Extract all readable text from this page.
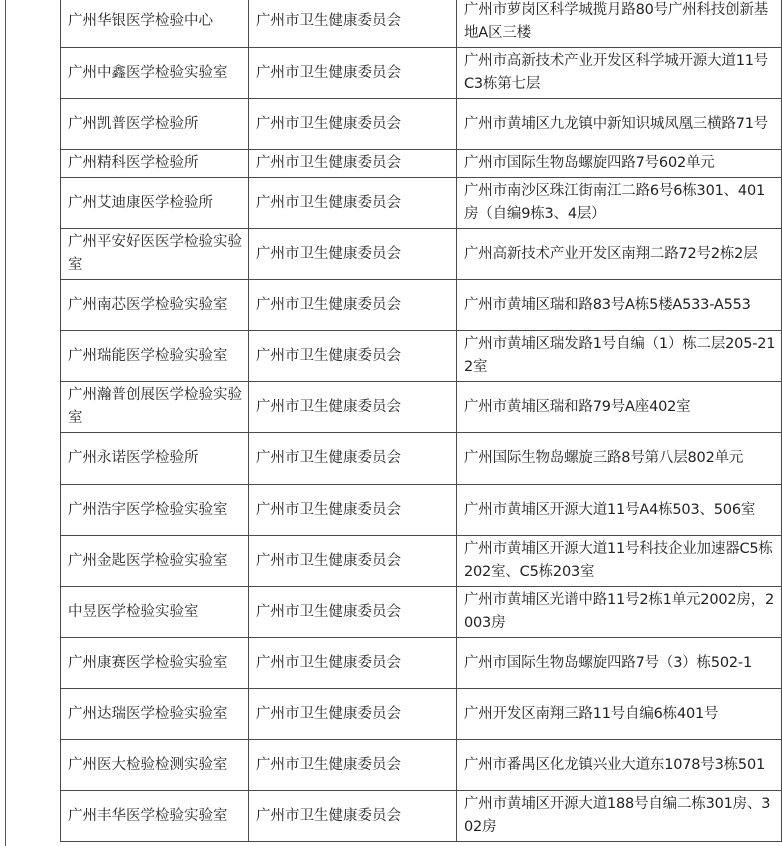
广州华银医学检验中心	广州市卫生健康委员会	广州市萝岗区科学城揽月路80号广州科技创新基地A区三楼
广州中鑫医学检验实验室	广州市卫生健康委员会	广州市高新技术产业开发区科学城开源大道11号C3栋第七层
广州凯普医学检验所	广州市卫生健康委员会	广州市黄埔区九龙镇中新知识城凤凰三横路71号
广州精科医学检验所	广州市卫生健康委员会	广州市国际生物岛螺旋四路7号602单元
广州艾迪康医学检验所	广州市卫生健康委员会	广州市南沙区珠江街南江二路6号6栋301、401房（自编9栋3、4层）
广州平安好医医学检验实验室	广州市卫生健康委员会	广州高新技术产业开发区南翔二路72号2栋2层
广州南芯医学检验实验室	广州市卫生健康委员会	广州市黄埔区瑞和路83号A栋5楼A533-A553
广州瑞能医学检验实验室	广州市卫生健康委员会	广州市黄埔区瑞发路1号自编（1）栋二层205-212室
广州瀚普创展医学检验实验室	广州市卫生健康委员会	广州市黄埔区瑞和路79号A座402室
广州永诺医学检验所	广州市卫生健康委员会	广州国际生物岛螺旋三路8号第八层802单元
广州浩宇医学检验实验室	广州市卫生健康委员会	广州市黄埔区开源大道11号A4栋503、506室
广州金匙医学检验实验室	广州市卫生健康委员会	广州市黄埔区开源大道11号科技企业加速器C5栋202室、C5栋203室
中昱医学检验实验室	广州市卫生健康委员会	广州市黄埔区光谱中路11号2栋1单元2002房，2003房
广州康赛医学检验实验室	广州市卫生健康委员会	广州市国际生物岛螺旋四路7号（3）栋502-1
广州达瑞医学检验实验室	广州市卫生健康委员会	广州开发区南翔三路11号自编6栋401号
广州医大检验检测实验室	广州市卫生健康委员会	广州市番禺区化龙镇兴业大道东1078号3栋501
广州丰华医学检验实验室	广州市卫生健康委员会	广州市黄埔区开源大道188号自编二栋301房、302房
